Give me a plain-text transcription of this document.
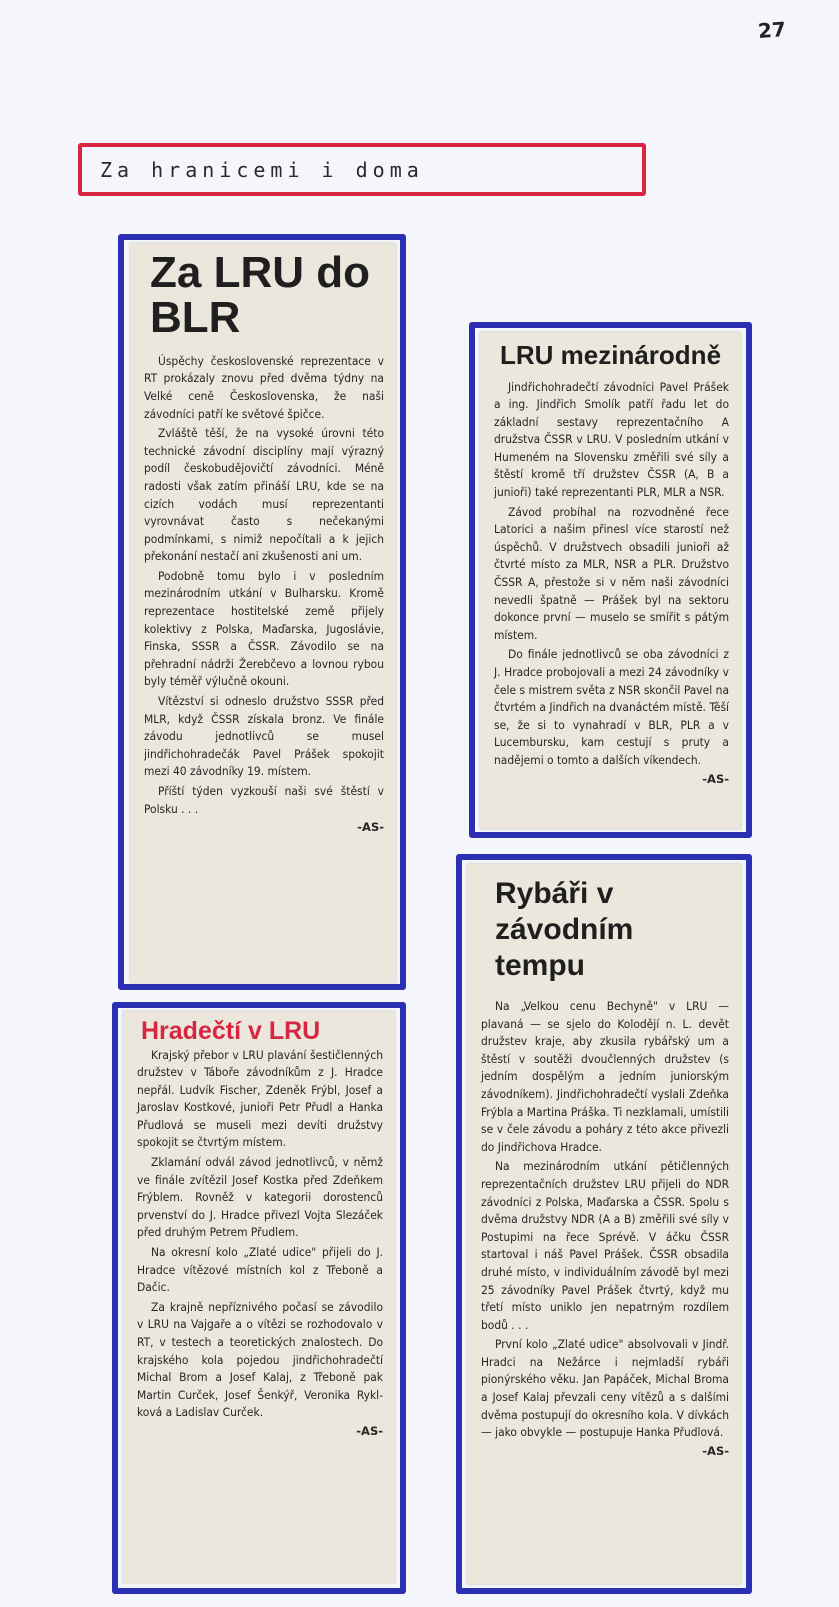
27
Za hranicemi i doma
Za LRU do BLR

Úspěchy československé reprezentace v RT prokázaly znovu před dvěma týdny na Velké ceně Československa, že naši závodníci patří ke světové špičce.

Zvláště těší, že na vysoké úrovni této technické závodní disciplíny mají výrazný podíl českobudějovičtí závodníci. Méně radosti však zatím přináší LRU, kde se na cizích vodách musí reprezentanti vyrovnávat často s nečekanými podmínkami, s nimiž nepočítali a k jejich překonání nestačí ani zkušenosti ani um.

Podobně tomu bylo i v posledním mezinárodním utkání v Bulharsku. Kromě reprezentace hostitelské země přijely kolektivy z Polska, Maďarska, Jugoslávie, Finska, SSSR a ČSSR. Závodilo se na přehradní nádrži Žerebčevo a lovnou rybou byly téměř výlučně okouni.

Vítězství si odneslo družstvo SSSR před MLR, když ČSSR získala bronz. Ve finále závodu jednotlivců se musel jindřichohradečák Pavel Prášek spokojit mezi 40 závodníky 19. místem.

Příští týden vyzkouší naši své štěstí v Polsku . . .

-AS-

Hradečtí v LRU

Krajský přebor v LRU plavání šestičlenných družstev v Táboře závodníkům z J. Hradce nepřál. Ludvík Fischer, Zdeněk Frýbl, Josef a Jaroslav Kostkové, junioři Petr Přudl a Hanka Přudlová se museli mezi devíti družstvy spokojit se čtvrtým místem.

Zklamání odvál závod jednotlivců, v němž ve finále zvítězil Josef Kostka před Zdeňkem Frýblem. Rovněž v kategorii dorostenců prvenství do J. Hradce přivezl Vojta Slezáček před druhým Petrem Přudlem.

Na okresní kolo „Zlaté udice" přijeli do J. Hradce vítězové místních kol z Třeboně a Dačic.

Za krajně nepříznivého počasí se závodilo v LRU na Vajgaře a o vítězi se rozhodovalo v RT, v testech a teoretických znalostech. Do krajského kola pojedou jindřichohradečtí Michal Brom a Josef Kalaj, z Třeboně pak Martin Curček, Josef Šenkýř, Veronika Ryklková a Ladislav Curček.

-AS-

LRU mezinárodně

Jindřichohradečtí závodníci Pavel Prášek a ing. Jindřich Smolík patří řadu let do základní sestavy reprezentačního A družstva ČSSR v LRU. V posledním utkání v Humeném na Slovensku změřili své síly a štěstí kromě tří družstev ČSSR (A, B a junioři) také reprezentanti PLR, MLR a NSR.

Závod probíhal na rozvodněné řece Latorici a našim přinesl více starostí než úspěchů. V družstvech obsadili junioři až čtvrté místo za MLR, NSR a PLR. Družstvo ČSSR A, přestože si v něm naši závodníci nevedli špatně — Prášek byl na sektoru dokonce první — muselo se smířit s pátým místem.

Do finále jednotlivců se oba závodníci z J. Hradce probojovali a mezi 24 závodníky v čele s mistrem světa z NSR skončil Pavel na čtvrtém a Jindřich na dvanáctém místě. Těší se, že si to vynahradí v BLR, PLR a v Lucembursku, kam cestují s pruty a nadějemi o tomto a dalších víkendech.

-AS-

Rybáři v závodním tempu

Na „Velkou cenu Bechyně" v LRU — plavaná — se sjelo do Kolodějí n. L. devět družstev kraje, aby zkusila rybářský um a štěstí v soutěži dvoučlenných družstev (s jedním dospělým a jedním juniorským závodníkem). Jindřichohradečtí vyslali Zdeňka Frýbla a Martina Práška. Ti nezklamali, umístili se v čele závodu a poháry z této akce přivezli do Jindřichova Hradce.

Na mezinárodním utkání pětičlenných reprezentačních družstev LRU přijeli do NDR závodníci z Polska, Maďarska a ČSSR. Spolu s dvěma družstvy NDR (A a B) změřili své síly v Postupimi na řece Sprévě. V áčku ČSSR startoval i náš Pavel Prášek. ČSSR obsadila druhé místo, v individuálním závodě byl mezi 25 závodníky Pavel Prášek čtvrtý, když mu třetí místo uniklo jen nepatrným rozdílem bodů . . .

První kolo „Zlaté udice" absolvovali v Jindř. Hradci na Nežárce i nejmladší rybáři pionýrského věku. Jan Papáček, Michal Broma a Josef Kalaj převzali ceny vítězů a s dalšími dvěma postupují do okresního kola. V dívkách — jako obvykle — postupuje Hanka Přudlová.

-AS-
